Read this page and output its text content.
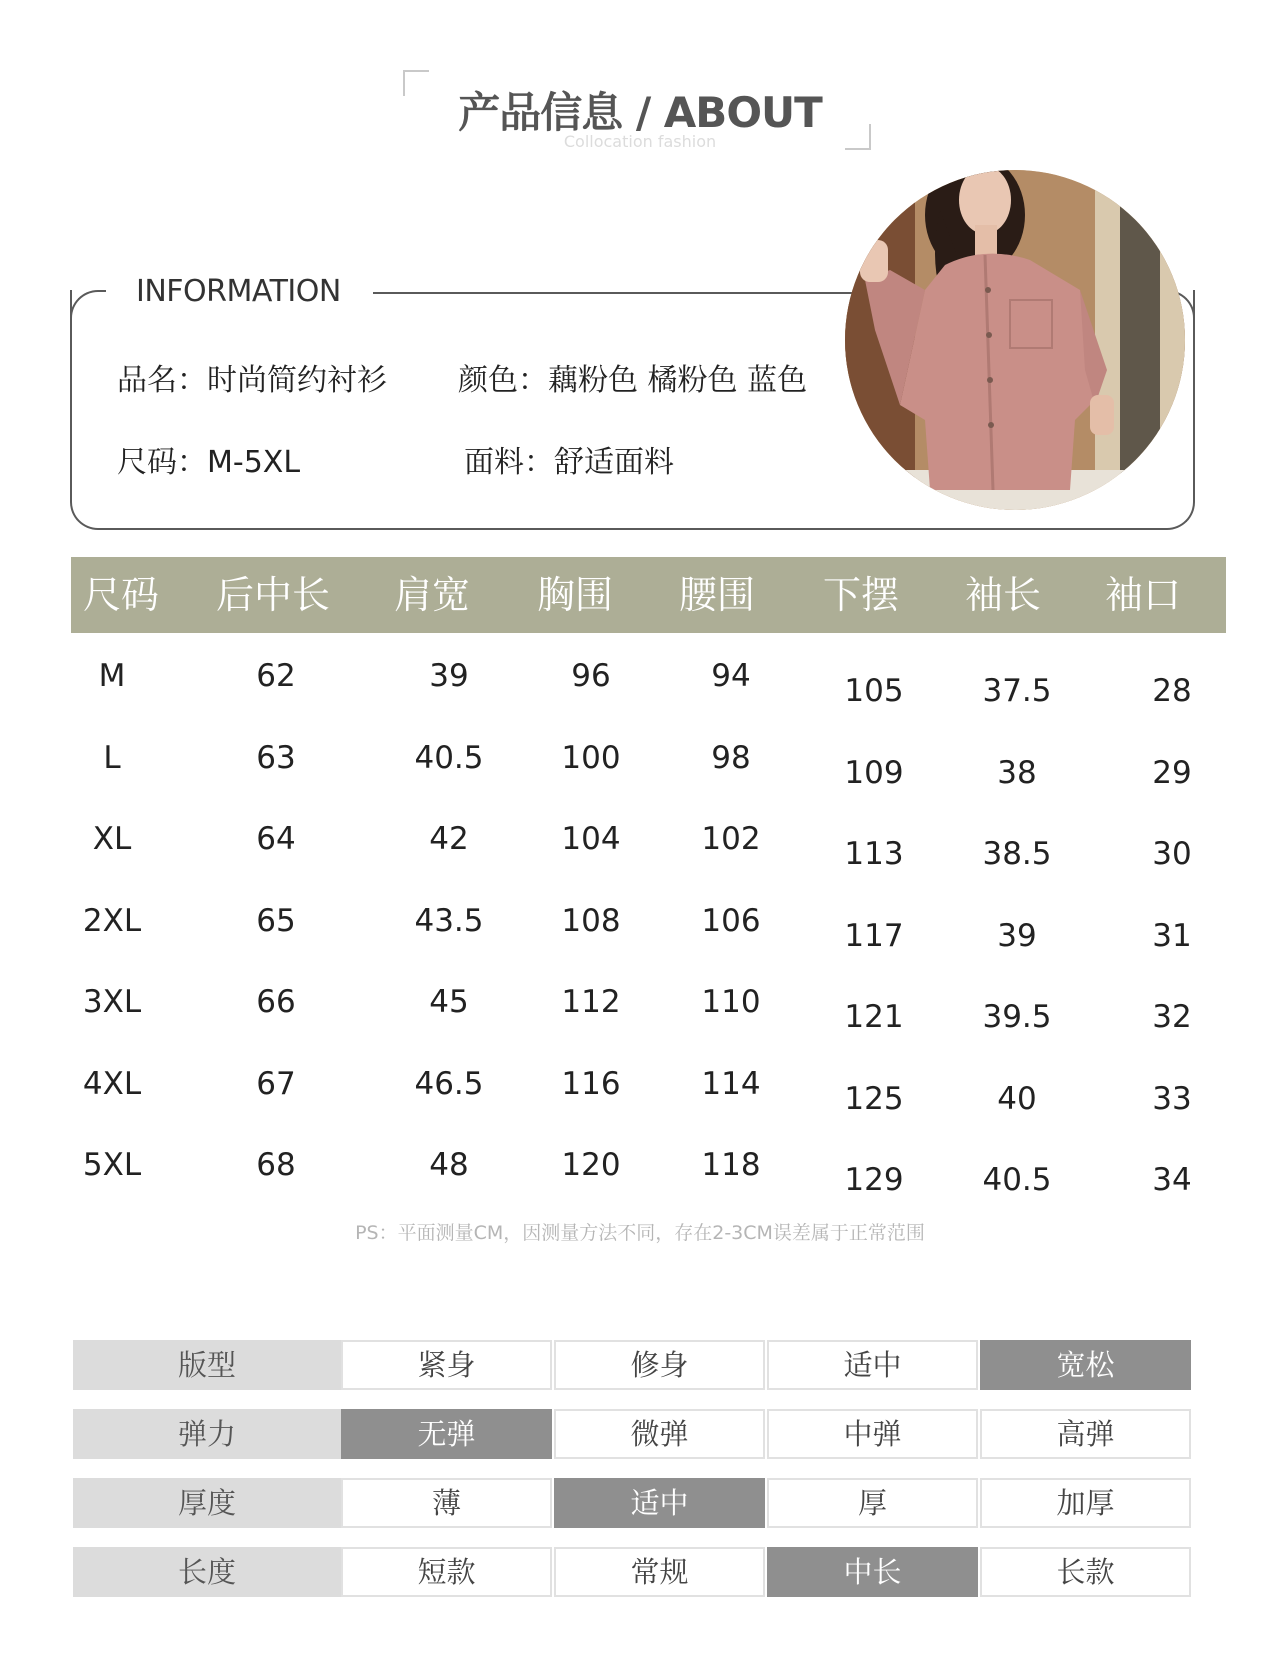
产品信息 / ABOUT
Collocation fashion
INFORMATION
品名：时尚简约衬衫 颜色：藕粉色 橘粉色 蓝色
尺码：M-5XL	面料：舒适面料
尺码	后中长	肩宽	胸围	腰围	下摆	袖长	袖口
M	62	39	96	94	105	37.5	28
L	63	40.5	100	98	109	38	29
XL	64	42	104	102	113	38.5	30
2XL	65	43.5	108	106	117	39	31
3XL	66	45	112	110	121	39.5	32
4XL	67	46.5	116	114	125	40	33
5XL	68	48	120	118	129	40.5	34
PS：平面测量CM，因测量方法不同，存在2-3CM误差属于正常范围
版型	紧身	修身	适中	宽松
弹力	无弹	微弹	中弹	高弹
厚度	薄	适中	厚	加厚
长度	短款	常规	中长	长款
